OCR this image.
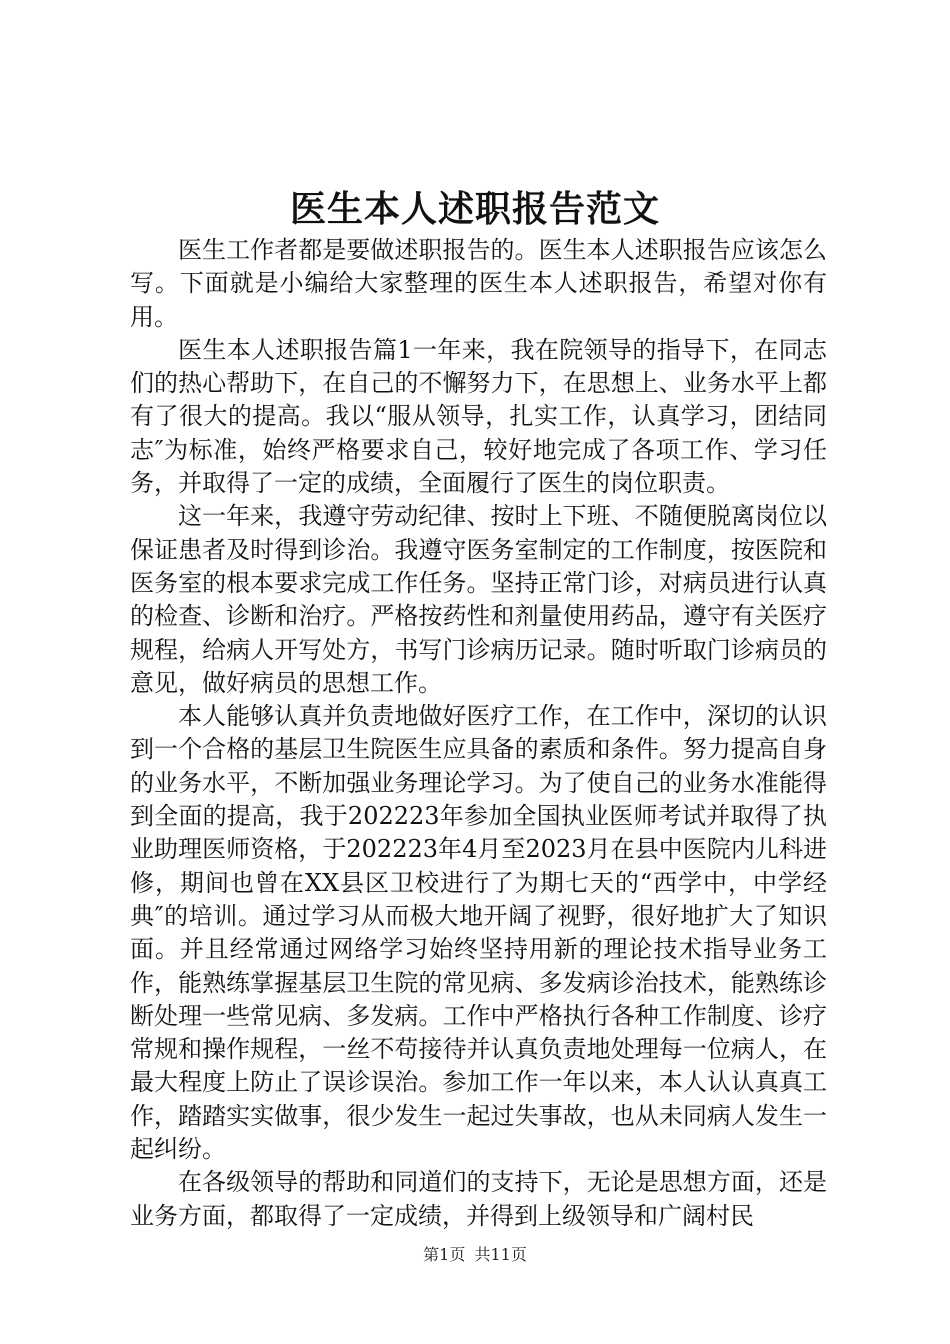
医生本人述职报告范文

医生工作者都是要做述职报告的。医生本人述职报告应该怎么写。下面就是小编给大家整理的医生本人述职报告，希望对你有用。

医生本人述职报告篇1一年来，我在院领导的指导下，在同志们的热心帮助下，在自己的不懈努力下，在思想上、业务水平上都有了很大的提高。我以“服从领导，扎实工作，认真学习，团结同志″为标准，始终严格要求自己，较好地完成了各项工作、学习任务，并取得了一定的成绩，全面履行了医生的岗位职责。

这一年来，我遵守劳动纪律、按时上下班、不随便脱离岗位以保证患者及时得到诊治。我遵守医务室制定的工作制度，按医院和医务室的根本要求完成工作任务。坚持正常门诊，对病员进行认真的检查、诊断和治疗。严格按药性和剂量使用药品，遵守有关医疗规程，给病人开写处方，书写门诊病历记录。随时听取门诊病员的意见，做好病员的思想工作。

本人能够认真并负责地做好医疗工作，在工作中，深切的认识到一个合格的基层卫生院医生应具备的素质和条件。努力提高自身的业务水平，不断加强业务理论学习。为了使自己的业务水准能得到全面的提高，我于202223年参加全国执业医师考试并取得了执业助理医师资格，于202223年4月至2023月在县中医院内儿科进修，期间也曾在XX县区卫校进行了为期七天的“西学中，中学经典″的培训。通过学习从而极大地开阔了视野，很好地扩大了知识面。并且经常通过网络学习始终坚持用新的理论技术指导业务工作，能熟练掌握基层卫生院的常见病、多发病诊治技术，能熟练诊断处理一些常见病、多发病。工作中严格执行各种工作制度、诊疗常规和操作规程，一丝不苟接待并认真负责地处理每一位病人，在最大程度上防止了误诊误治。参加工作一年以来，本人认认真真工作，踏踏实实做事，很少发生一起过失事故，也从未同病人发生一起纠纷。

在各级领导的帮助和同道们的支持下，无论是思想方面，还是业务方面，都取得了一定成绩，并得到上级领导和广阔村民

第1页 共11页
